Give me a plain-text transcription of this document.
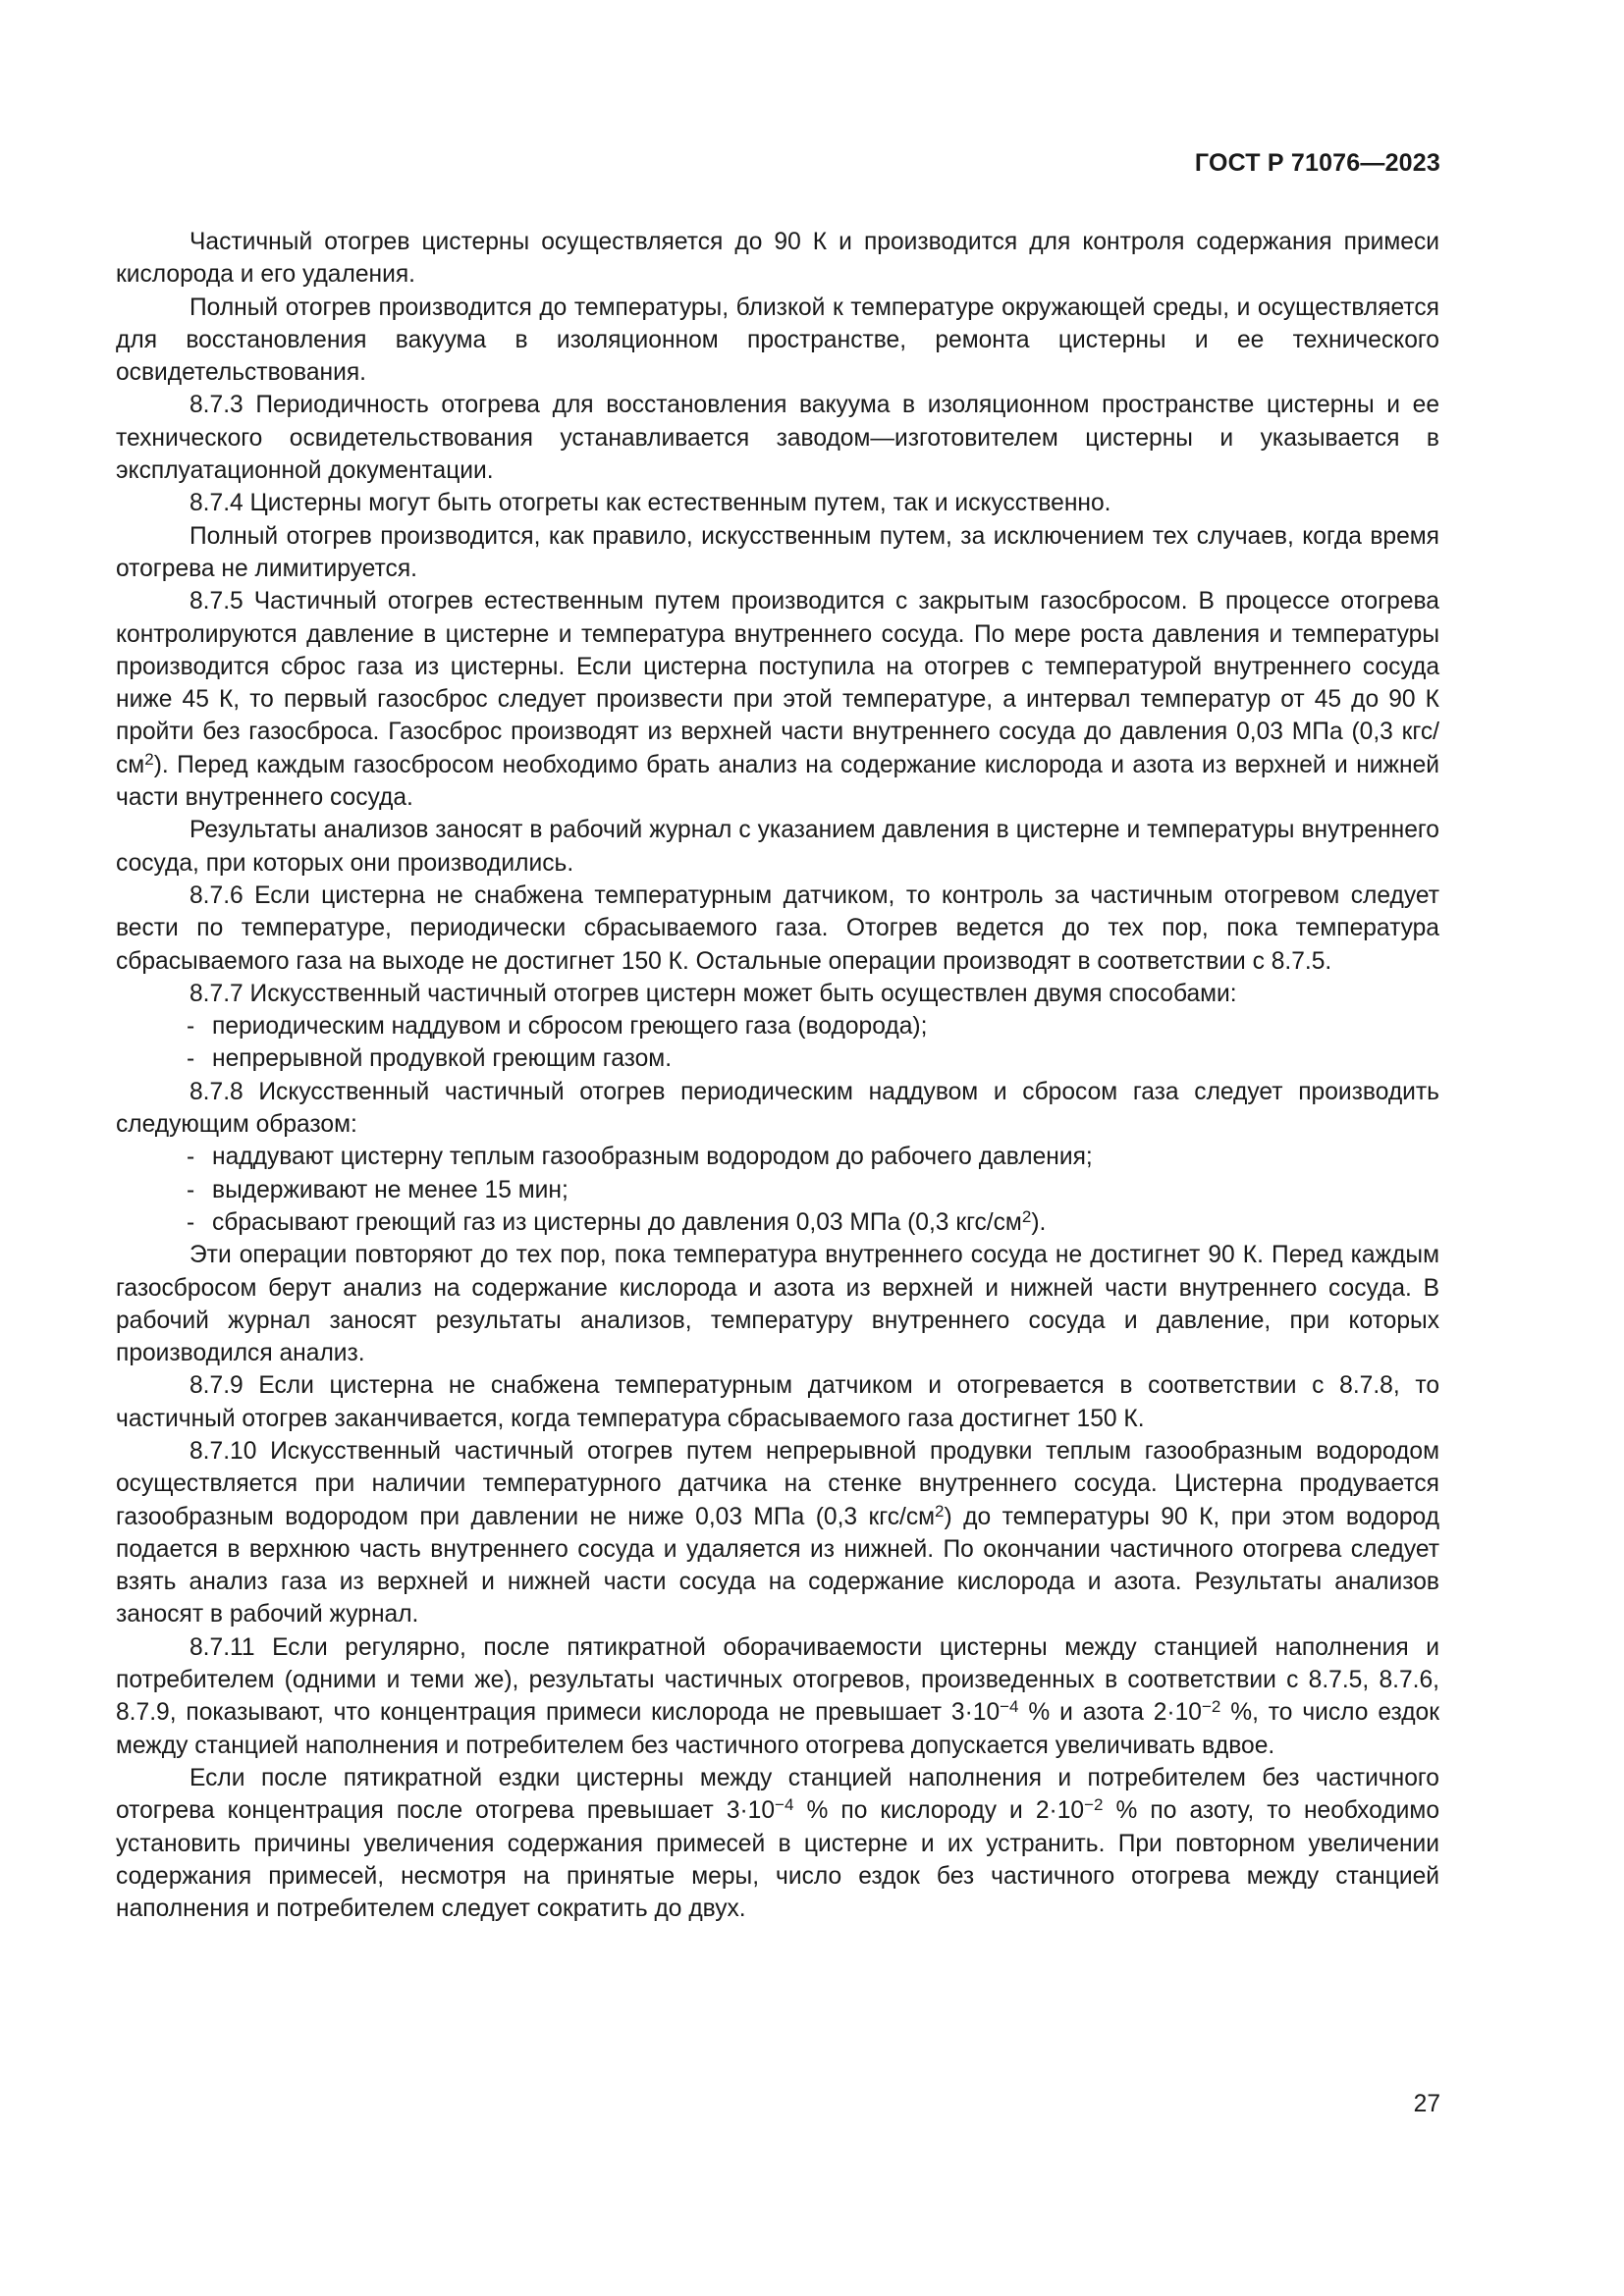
ГОСТ Р 71076—2023

Частичный отогрев цистерны осуществляется до 90 К и производится для контроля содержания примеси кислорода и его удаления.

Полный отогрев производится до температуры, близкой к температуре окружающей среды, и осуществляется для восстановления вакуума в изоляционном пространстве, ремонта цистерны и ее технического освидетельствования.

8.7.3 Периодичность отогрева для восстановления вакуума в изоляционном пространстве цистерны и ее технического освидетельствования устанавливается заводом—изготовителем цистерны и указывается в эксплуатационной документации.

8.7.4 Цистерны могут быть отогреты как естественным путем, так и искусственно.

Полный отогрев производится, как правило, искусственным путем, за исключением тех случаев, когда время отогрева не лимитируется.

8.7.5 Частичный отогрев естественным путем производится с закрытым газосбросом. В процессе отогрева контролируются давление в цистерне и температура внутреннего сосуда. По мере роста давления и температуры производится сброс газа из цистерны. Если цистерна поступила на отогрев с температурой внутреннего сосуда ниже 45 К, то первый газосброс следует произвести при этой температуре, а интервал температур от 45 до 90 К пройти без газосброса. Газосброс производят из верхней части внутреннего сосуда до давления 0,03 МПа (0,3 кгс/$см^2$). Перед каждым газосбросом необходимо брать анализ на содержание кислорода и азота из верхней и нижней части внутреннего сосуда.

Результаты анализов заносят в рабочий журнал с указанием давления в цистерне и температуры внутреннего сосуда, при которых они производились.

8.7.6 Если цистерна не снабжена температурным датчиком, то контроль за частичным отогревом следует вести по температуре, периодически сбрасываемого газа. Отогрев ведется до тех пор, пока температура сбрасываемого газа на выходе не достигнет 150 К. Остальные операции производят в соответствии с 8.7.5.

8.7.7 Искусственный частичный отогрев цистерн может быть осуществлен двумя способами:

- периодическим наддувом и сбросом греющего газа (водорода);

- непрерывной продувкой греющим газом.

8.7.8 Искусственный частичный отогрев периодическим наддувом и сбросом газа следует производить следующим образом:

- наддувают цистерну теплым газообразным водородом до рабочего давления;

- выдерживают не менее 15 мин;

- сбрасывают греющий газ из цистерны до давления 0,03 МПа (0,3 кгс/$см^2$).

Эти операции повторяют до тех пор, пока температура внутреннего сосуда не достигнет 90 К. Перед каждым газосбросом берут анализ на содержание кислорода и азота из верхней и нижней части внутреннего сосуда. В рабочий журнал заносят результаты анализов, температуру внутреннего сосуда и давление, при которых производился анализ.

8.7.9 Если цистерна не снабжена температурным датчиком и отогревается в соответствии с 8.7.8, то частичный отогрев заканчивается, когда температура сбрасываемого газа достигнет 150 К.

8.7.10 Искусственный частичный отогрев путем непрерывной продувки теплым газообразным водородом осуществляется при наличии температурного датчика на стенке внутреннего сосуда. Цистерна продувается газообразным водородом при давлении не ниже 0,03 МПа (0,3 кгс/$см^2$) до температуры 90 К, при этом водород подается в верхнюю часть внутреннего сосуда и удаляется из нижней. По окончании частичного отогрева следует взять анализ газа из верхней и нижней части сосуда на содержание кислорода и азота. Результаты анализов заносят в рабочий журнал.

8.7.11 Если регулярно, после пятикратной оборачиваемости цистерны между станцией наполнения и потребителем (одними и теми же), результаты частичных отогревов, произведенных в соответствии с 8.7.5, 8.7.6, 8.7.9, показывают, что концентрация примеси кислорода не превышает $3\cdot 10^{-4}$ % и азота $2\cdot 10^{-2}$ %, то число ездок между станцией наполнения и потребителем без частичного отогрева допускается увеличивать вдвое.

Если после пятикратной ездки цистерны между станцией наполнения и потребителем без частичного отогрева концентрация после отогрева превышает $3\cdot 10^{-4}$ % по кислороду и $2\cdot 10^{-2}$ % по азоту, то необходимо установить причины увеличения содержания примесей в цистерне и их устранить. При повторном увеличении содержания примесей, несмотря на принятые меры, число ездок без частичного отогрева между станцией наполнения и потребителем следует сократить до двух.

27
